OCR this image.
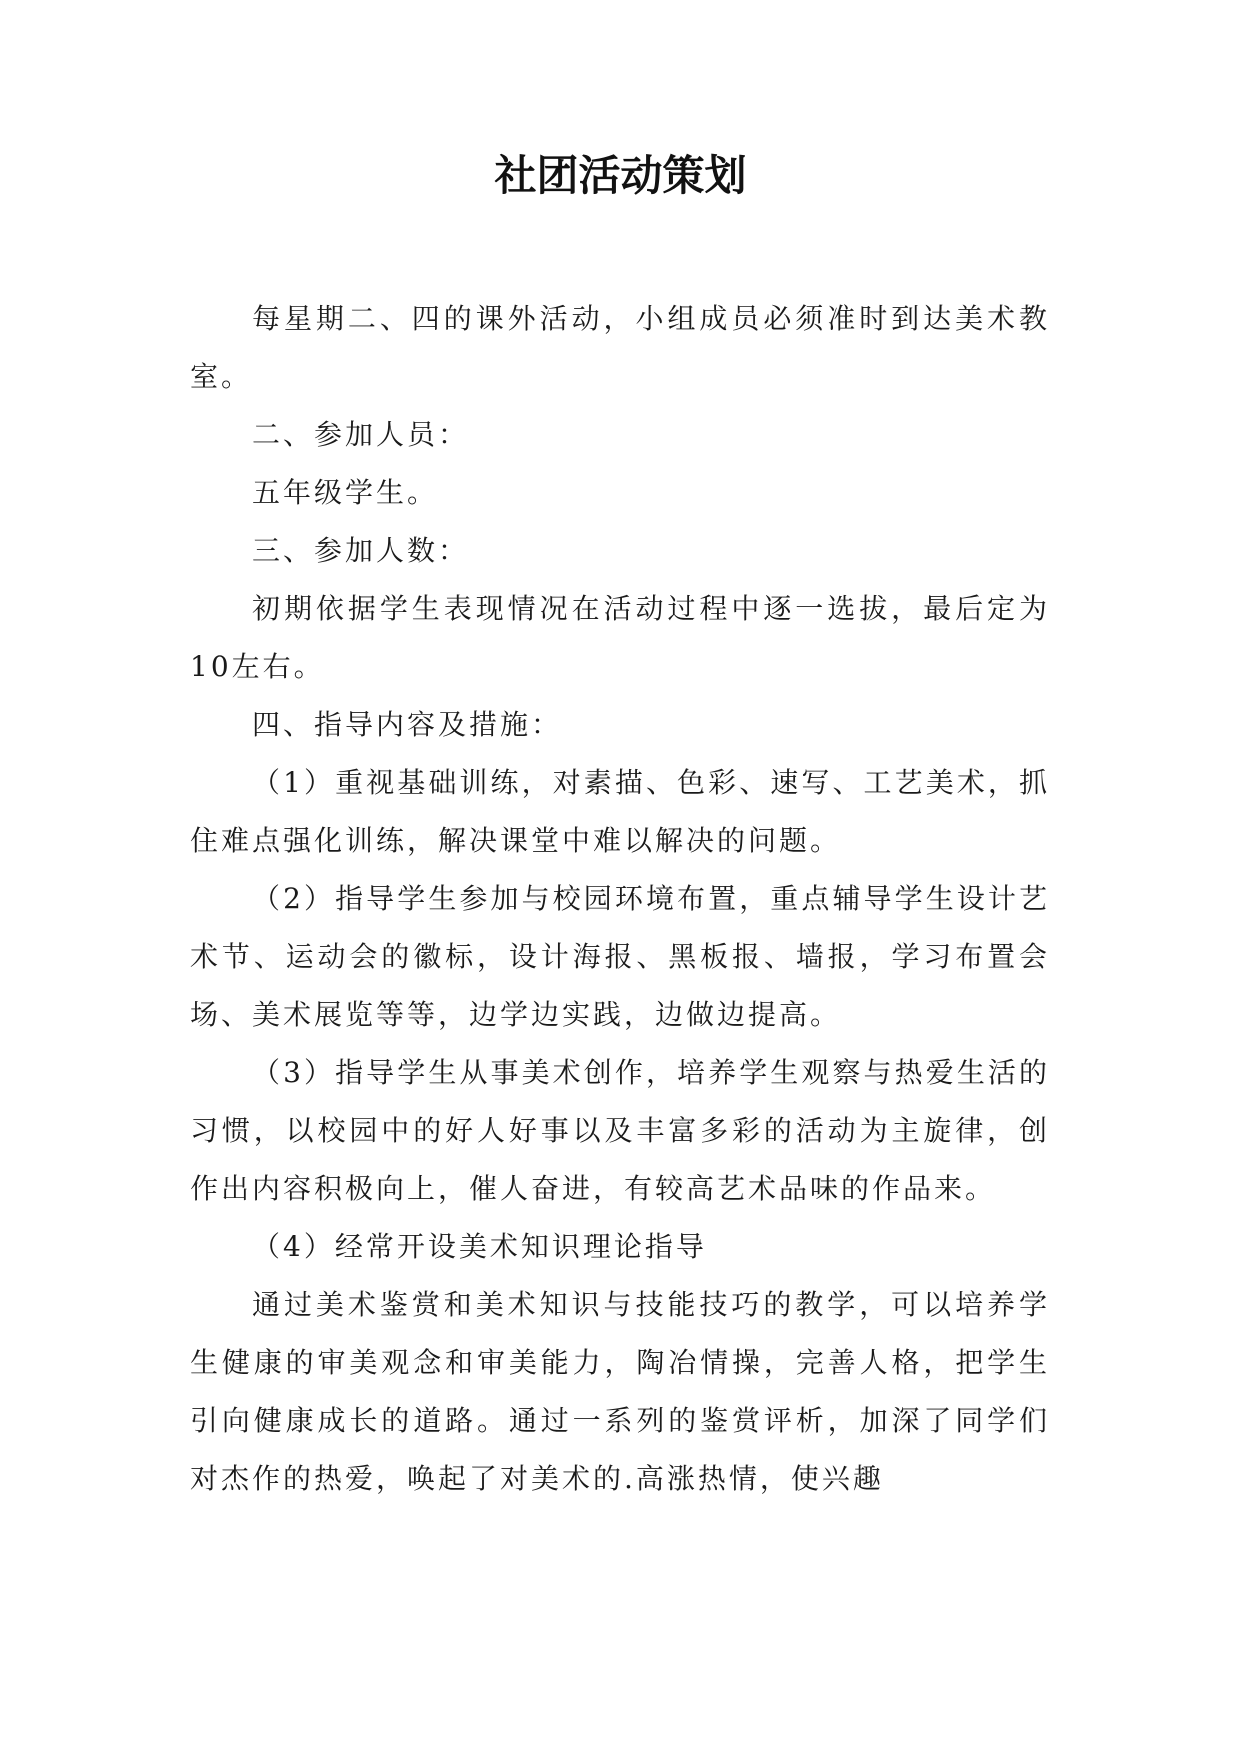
社团活动策划

每星期二、四的课外活动，小组成员必须准时到达美术教室。

二、参加人员：

五年级学生。

三、参加人数：

初期依据学生表现情况在活动过程中逐一选拔，最后定为10左右。

四、指导内容及措施：

（1）重视基础训练，对素描、色彩、速写、工艺美术，抓住难点强化训练，解决课堂中难以解决的问题。

（2）指导学生参加与校园环境布置，重点辅导学生设计艺术节、运动会的徽标，设计海报、黑板报、墙报，学习布置会场、美术展览等等，边学边实践，边做边提高。

（3）指导学生从事美术创作，培养学生观察与热爱生活的习惯，以校园中的好人好事以及丰富多彩的活动为主旋律，创作出内容积极向上，催人奋进，有较高艺术品味的作品来。

（4）经常开设美术知识理论指导

通过美术鉴赏和美术知识与技能技巧的教学，可以培养学生健康的审美观念和审美能力，陶冶情操，完善人格，把学生引向健康成长的道路。通过一系列的鉴赏评析，加深了同学们对杰作的热爱，唤起了对美术的.高涨热情，使兴趣
